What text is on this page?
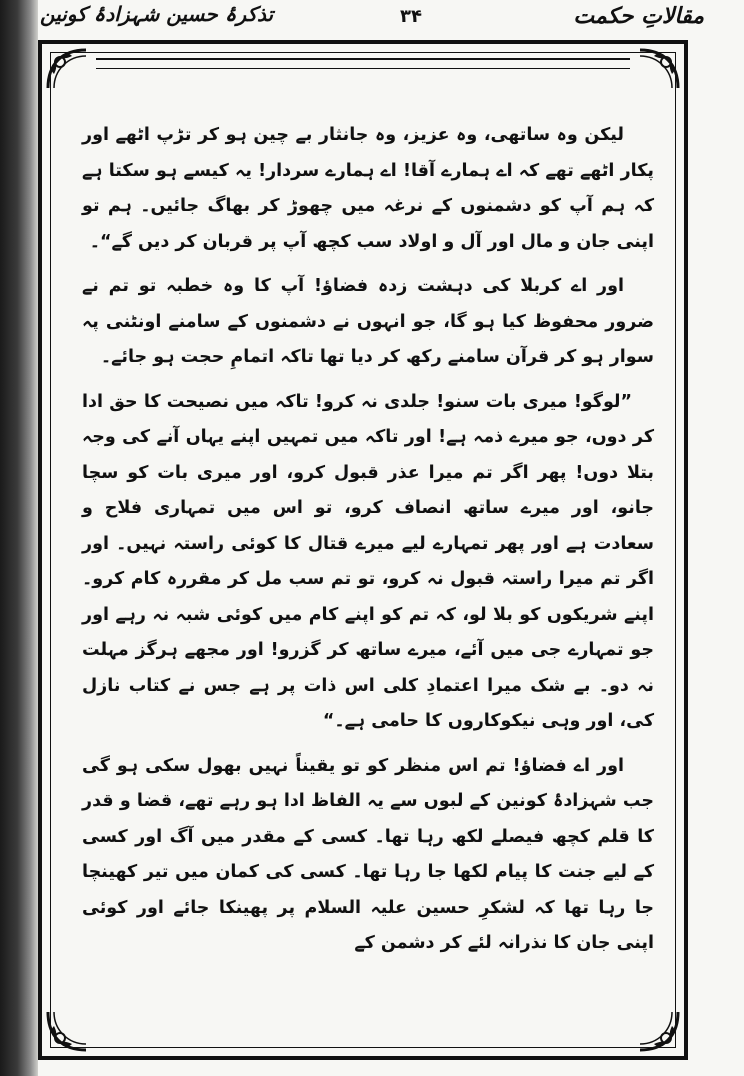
مقالاتِ حکمت
۳۴
تذکرۂ حسین شہزادۂ کونین

لیکن وہ ساتھی، وہ عزیز، وہ جانثار بے چین ہو کر تڑپ اٹھے اور پکار اٹھے تھے کہ اے ہمارے آقا! اے ہمارے سردار! یہ کیسے ہو سکتا ہے کہ ہم آپ کو دشمنوں کے نرغہ میں چھوڑ کر بھاگ جائیں۔ ہم تو اپنی جان و مال اور آل و اولاد سب کچھ آپ پر قربان کر دیں گے“۔

اور اے کربلا کی دہشت زدہ فضاؤ! آپ کا وہ خطبہ تو تم نے ضرور محفوظ کیا ہو گا، جو انہوں نے دشمنوں کے سامنے اونٹنی پہ سوار ہو کر قرآن سامنے رکھ کر دیا تھا تاکہ اتمامِ حجت ہو جائے۔

”لوگو! میری بات سنو! جلدی نہ کرو! تاکہ میں نصیحت کا حق ادا کر دوں، جو میرے ذمہ ہے! اور تاکہ میں تمہیں اپنے یہاں آنے کی وجہ بتلا دوں! پھر اگر تم میرا عذر قبول کرو، اور میری بات کو سچا جانو، اور میرے ساتھ انصاف کرو، تو اس میں تمہاری فلاح و سعادت ہے اور پھر تمہارے لیے میرے قتال کا کوئی راستہ نہیں۔ اور اگر تم میرا راستہ قبول نہ کرو، تو تم سب مل کر مقررہ کام کرو۔ اپنے شریکوں کو بلا لو، کہ تم کو اپنے کام میں کوئی شبہ نہ رہے اور جو تمہارے جی میں آئے، میرے ساتھ کر گزرو! اور مجھے ہرگز مہلت نہ دو۔ بے شک میرا اعتمادِ کلی اس ذات پر ہے جس نے کتاب نازل کی، اور وہی نیکوکاروں کا حامی ہے۔“

اور اے فضاؤ! تم اس منظر کو تو یقیناً نہیں بھول سکی ہو گی جب شہزادۂ کونین کے لبوں سے یہ الفاظ ادا ہو رہے تھے، قضا و قدر کا قلم کچھ فیصلے لکھ رہا تھا۔ کسی کے مقدر میں آگ اور کسی کے لیے جنت کا پیام لکھا جا رہا تھا۔ کسی کی کمان میں تیر کھینچا جا رہا تھا کہ لشکرِ حسین علیہ السلام پر پھینکا جائے اور کوئی اپنی جان کا نذرانہ لئے کر دشمن کے
